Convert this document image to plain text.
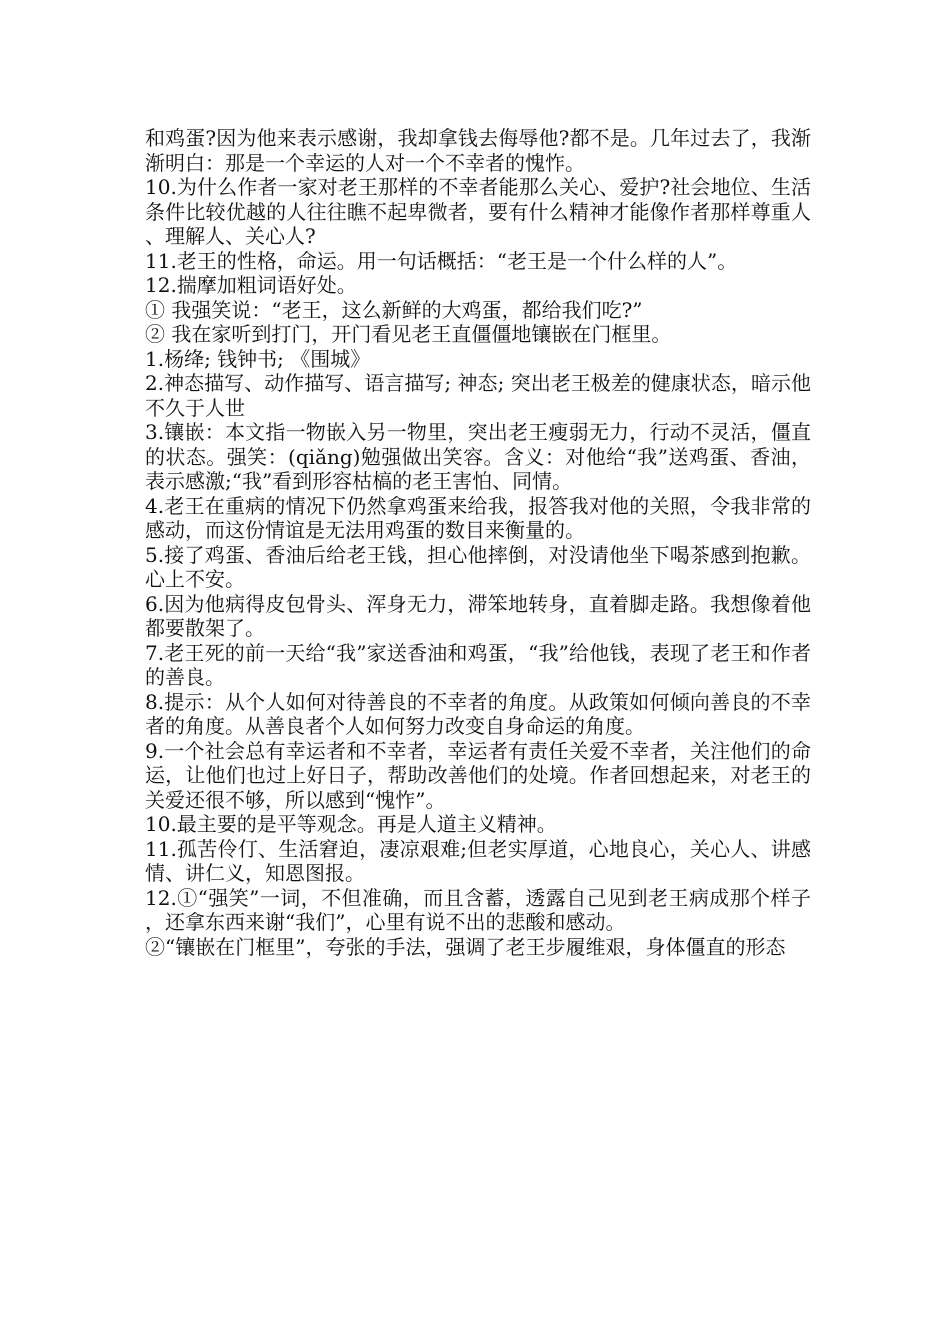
和鸡蛋?因为他来表示感谢，我却拿钱去侮辱他?都不是。几年过去了，我渐渐明白：那是一个幸运的人对一个不幸者的愧怍。

10.为什么作者一家对老王那样的不幸者能那么关心、爱护?社会地位、生活条件比较优越的人往往瞧不起卑微者，要有什么精神才能像作者那样尊重人、理解人、关心人?

11.老王的性格，命运。用一句话概括：“老王是一个什么样的人”。

12.揣摩加粗词语好处。

① 我强笑说：“老王，这么新鲜的大鸡蛋，都给我们吃?”

② 我在家听到打门，开门看见老王直僵僵地镶嵌在门框里。

1.杨绛; 钱钟书; 《围城》

2.神态描写、动作描写、语言描写; 神态; 突出老王极差的健康状态，暗示他不久于人世

3.镶嵌：本文指一物嵌入另一物里，突出老王瘦弱无力，行动不灵活，僵直的状态。强笑：(qiǎng)勉强做出笑容。含义：对他给“我”送鸡蛋、香油，表示感激;“我”看到形容枯槁的老王害怕、同情。

4.老王在重病的情况下仍然拿鸡蛋来给我，报答我对他的关照，令我非常的感动，而这份情谊是无法用鸡蛋的数目来衡量的。

5.接了鸡蛋、香油后给老王钱，担心他摔倒，对没请他坐下喝茶感到抱歉。心上不安。

6.因为他病得皮包骨头、浑身无力，滞笨地转身，直着脚走路。我想像着他都要散架了。

7.老王死的前一天给“我”家送香油和鸡蛋，“我”给他钱，表现了老王和作者的善良。

8.提示：从个人如何对待善良的不幸者的角度。从政策如何倾向善良的不幸者的角度。从善良者个人如何努力改变自身命运的角度。

9.一个社会总有幸运者和不幸者，幸运者有责任关爱不幸者，关注他们的命运，让他们也过上好日子，帮助改善他们的处境。作者回想起来，对老王的关爱还很不够，所以感到“愧怍”。

10.最主要的是平等观念。再是人道主义精神。

11.孤苦伶仃、生活窘迫，凄凉艰难;但老实厚道，心地良心，关心人、讲感情、讲仁义，知恩图报。

12.①“强笑”一词，不但准确，而且含蓄，透露自己见到老王病成那个样子，还拿东西来谢“我们”，心里有说不出的悲酸和感动。

②“镶嵌在门框里”，夸张的手法，强调了老王步履维艰，身体僵直的形态
